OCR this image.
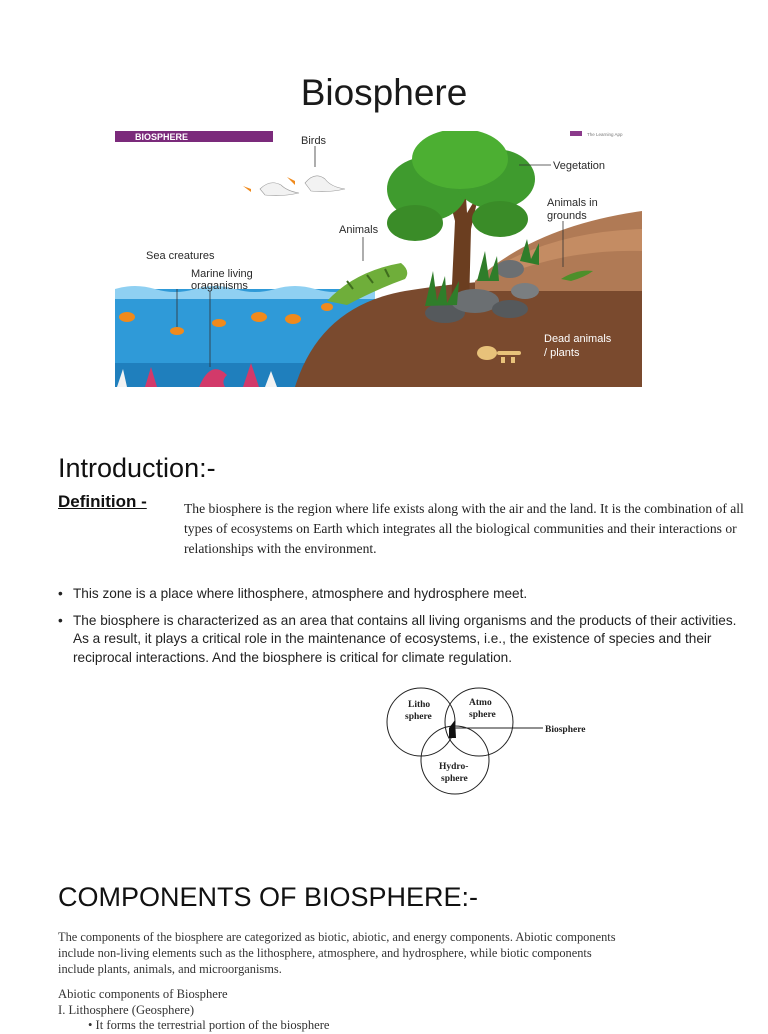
Biosphere
BIOSPHERE	The Learning App
Birds
Vegetation
Animals in
grounds
Animals
Sea creatures
Marine living
oraganisms
Dead animals
/ plants
Introduction:-
Definition -	The biosphere is the region where life exists along with the air and the land. It is the combination of all types of ecosystems on Earth which integrates all the biological communities and their interactions or relationships with the environment.
• This zone is a place where lithosphere, atmosphere and hydrosphere meet.
• The biosphere is characterized as an area that contains all living organisms and the products of their activities. As a result, it plays a critical role in the maintenance of ecosystems, i.e., the existence of species and their reciprocal interactions. And the biosphere is critical for climate regulation.
Litho
sphere
Atmo
sphere
Hydro-
sphere
Biosphere
COMPONENTS OF BIOSPHERE:-
The components of the biosphere are categorized as biotic, abiotic, and energy components. Abiotic components include non-living elements such as the lithosphere, atmosphere, and hydrosphere, while biotic components include plants, animals, and microorganisms.
Abiotic components of Biosphere
I. Lithosphere (Geosphere)
• It forms the terrestrial portion of the biosphere
